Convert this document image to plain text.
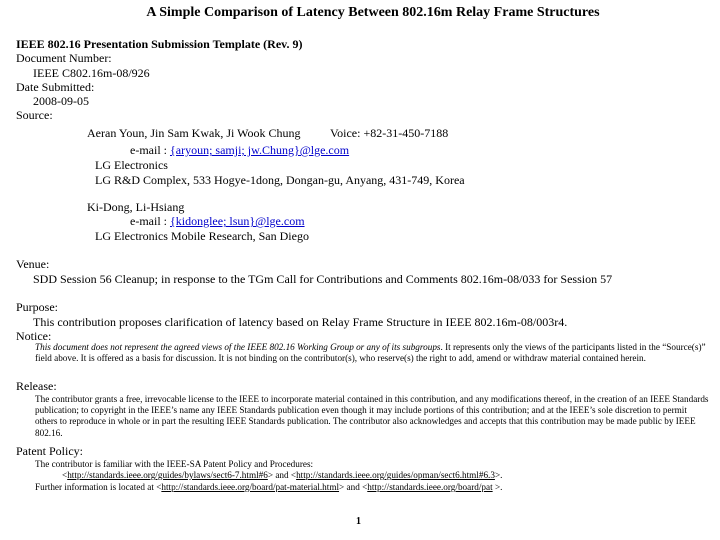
A Simple Comparison of Latency Between 802.16m Relay Frame Structures
IEEE 802.16 Presentation Submission Template (Rev. 9)
Document Number:
IEEE C802.16m-08/926
Date Submitted:
2008-09-05
Source:
Aeran Youn, Jin Sam Kwak, Ji Wook Chung Voice: +82-31-450-7188
e-mail : {aryoun; samji; jw.Chung}@lge.com
LG Electronics
LG R&D Complex, 533 Hogye-1dong, Dongan-gu, Anyang, 431-749, Korea
Ki-Dong, Li-Hsiang
e-mail : {kidonglee; lsun}@lge.com
LG Electronics Mobile Research, San Diego
Venue:
SDD Session 56 Cleanup; in response to the TGm Call for Contributions and Comments 802.16m-08/033 for Session 57
Purpose:
This contribution proposes clarification of latency based on Relay Frame Structure in IEEE 802.16m-08/003r4.
Notice:
This document does not represent the agreed views of the IEEE 802.16 Working Group or any of its subgroups. It represents only the views of the participants listed in the “Source(s)” field above. It is offered as a basis for discussion. It is not binding on the contributor(s), who reserve(s) the right to add, amend or withdraw material contained herein.
Release:
The contributor grants a free, irrevocable license to the IEEE to incorporate material contained in this contribution, and any modifications thereof, in the creation of an IEEE Standards publication; to copyright in the IEEE’s name any IEEE Standards publication even though it may include portions of this contribution; and at the IEEE’s sole discretion to permit others to reproduce in whole or in part the resulting IEEE Standards publication. The contributor also acknowledges and accepts that this contribution may be made public by IEEE 802.16.
Patent Policy:
The contributor is familiar with the IEEE-SA Patent Policy and Procedures:
<http://standards.ieee.org/guides/bylaws/sect6-7.html#6> and <http://standards.ieee.org/guides/opman/sect6.html#6.3>.
Further information is located at <http://standards.ieee.org/board/pat-material.html> and <http://standards.ieee.org/board/pat >.
1
